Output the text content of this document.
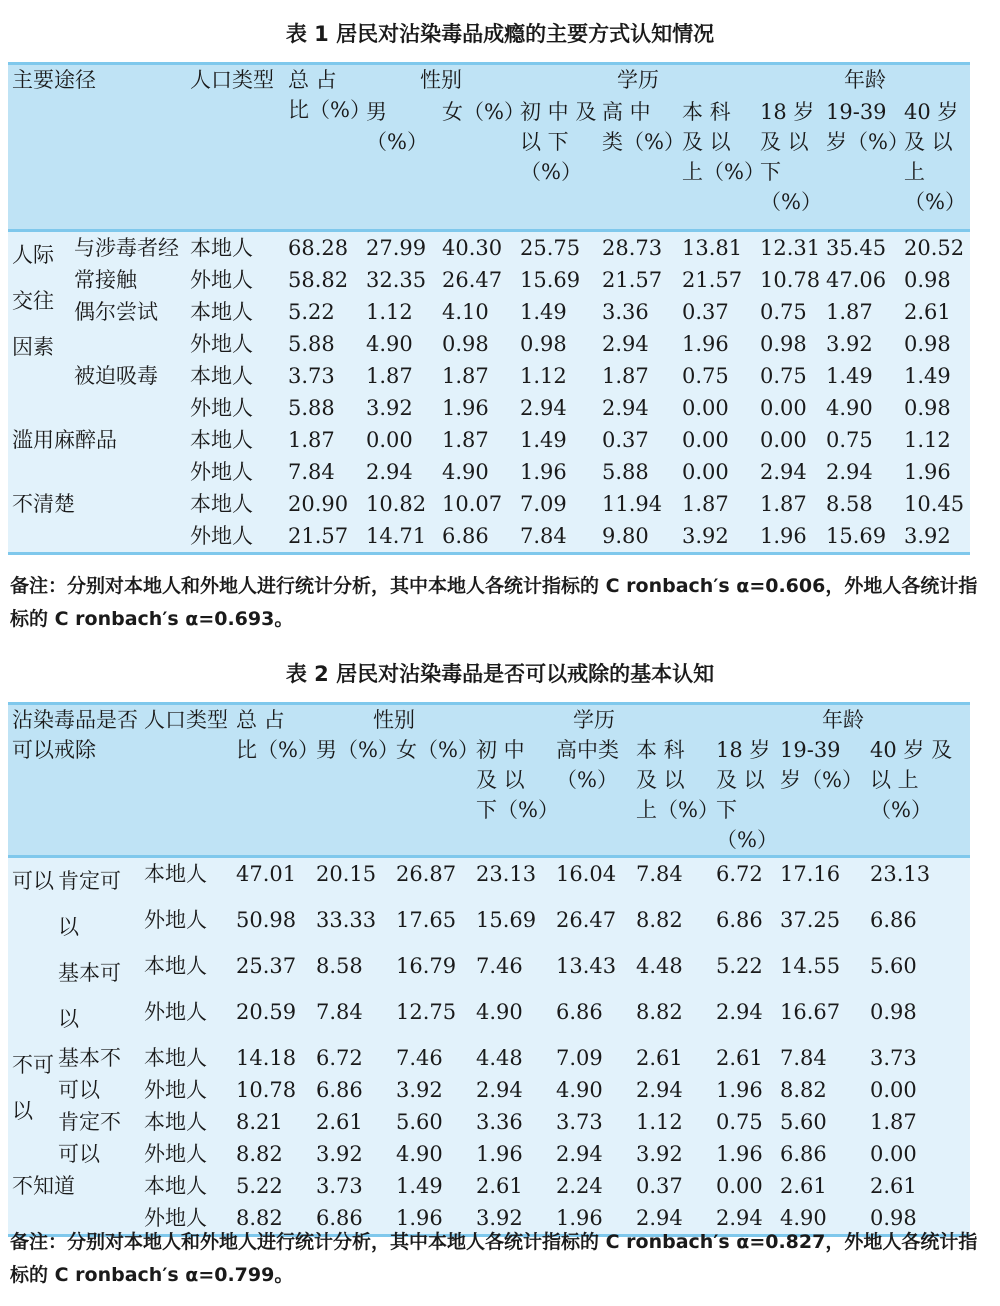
表 1 居民对沾染毒品成瘾的主要方式认知情况

主要途径		人口类型	总 占 比（%）	性别		学历			年龄		
				男（%）	女（%）	初 中 及 以 下（%）	高 中 类（%）	本 科 及 以 上（%）	18 岁 及 以 下（%）	19-39 岁（%）	40 岁 及 以 上（%）

人际交往因素	与涉毒者经常接触	本地人	68.28	27.99	40.30	25.75	28.73	13.81	12.31	35.45	20.52
		外地人	58.82	32.35	26.47	15.69	21.57	21.57	10.78	47.06	0.98
	偶尔尝试	本地人	5.22	1.12	4.10	1.49	3.36	0.37	0.75	1.87	2.61
		外地人	5.88	4.90	0.98	0.98	2.94	1.96	0.98	3.92	0.98
	被迫吸毒	本地人	3.73	1.87	1.87	1.12	1.87	0.75	0.75	1.49	1.49
		外地人	5.88	3.92	1.96	2.94	2.94	0.00	0.00	4.90	0.98
滥用麻醉品		本地人	1.87	0.00	1.87	1.49	0.37	0.00	0.00	0.75	1.12
		外地人	7.84	2.94	4.90	1.96	5.88	0.00	2.94	2.94	1.96
不清楚		本地人	20.90	10.82	10.07	7.09	11.94	1.87	1.87	8.58	10.45
		外地人	21.57	14.71	6.86	7.84	9.80	3.92	1.96	15.69	3.92

备注：分别对本地人和外地人进行统计分析，其中本地人各统计指标的 C ronbach′s α=0.606，外地人各统计指标的 C ronbach′s α=0.693。
表 2 居民对沾染毒品是否可以戒除的基本认知

沾染毒品是否可以戒除		人口类型	总 占 比（%）	性别		学历			年龄		
				男（%）	女（%）	初 中 及 以 下（%）	高中类（%）	本 科 及 以 上（%）	18 岁 及 以 下（%）	19-39 岁（%）	40 岁 及 以 上（%）

可以	肯定可以	本地人	47.01	20.15	26.87	23.13	16.04	7.84	6.72	17.16	23.13
		外地人	50.98	33.33	17.65	15.69	26.47	8.82	6.86	37.25	6.86
	基本可以	本地人	25.37	8.58	16.79	7.46	13.43	4.48	5.22	14.55	5.60
		外地人	20.59	7.84	12.75	4.90	6.86	8.82	2.94	16.67	0.98
不可以	基本不可以	本地人	14.18	6.72	7.46	4.48	7.09	2.61	2.61	7.84	3.73
		外地人	10.78	6.86	3.92	2.94	4.90	2.94	1.96	8.82	0.00
	肯定不可以	本地人	8.21	2.61	5.60	3.36	3.73	1.12	0.75	5.60	1.87
		外地人	8.82	3.92	4.90	1.96	2.94	3.92	1.96	6.86	0.00
不知道		本地人	5.22	3.73	1.49	2.61	2.24	0.37	0.00	2.61	2.61
		外地人	8.82	6.86	1.96	3.92	1.96	2.94	2.94	4.90	0.98

备注：分别对本地人和外地人进行统计分析，其中本地人各统计指标的 C ronbach′s α=0.827，外地人各统计指标的 C ronbach′s α=0.799。
